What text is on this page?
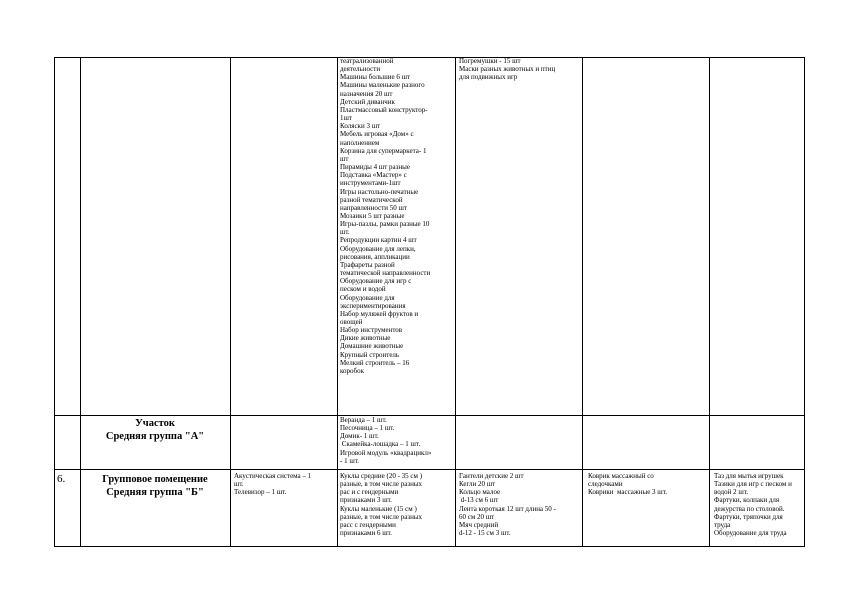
театрализованной
деятельности
Машины большие 6 шт
Машины маленькие разного
назначения 20 шт
Детский диванчик
Пластмассовый конструктор-
1шт
Коляски 3 шт
Мебель игровая «Дом» с
наполнением
Корзина для супермаркета- 1
шт
Пирамиды 4 шт разные
Подставка «Мастер» с
инструментами-1шт
Игры настольно-печатные
разной тематической
направленности 50 шт
Мозаики 5 шт разные
Игры-пазлы, рамки разные 10
шт.
Репродукции картин 4 шт
Оборудование для лепки,
рисования, аппликации
Трафареты разной
тематической направленности
Оборудование для игр с
песком и водой
Оборудование для
экспериментирования
Набор муляжей фруктов и
овощей
Набор инструментов
Дикие животные
Домашние животные
Крупный строитель
Мелкий строитель – 16
коробок
Погремушки - 15 шт
Маски разных животных и птиц
для подвижных игр
Участок
Средняя группа "А"
Веранда – 1 шт.
Песочница – 1 шт.
Домик- 1 шт.
Скамейка-лошадка – 1 шт.
Игровой модуль «квадрацикл»
- 1 шт.
6.	Групповое помещение
Средняя группа "Б"
Акустическая система – 1
шт.
Телевизор – 1 шт.
Куклы средние (20 - 35 см )
разные, в том числе разных
рас и с гендерными
признаками 3 шт.
Куклы маленькие (15 см )
разные, в том числе разных
расс с гендерными
признаками 6 шт.
Гантели детские 2 шт
Кегли 20 шт
Кольцо малое
d-13 см 6 шт
Лента короткая 12 шт длина 50 -
60 см 20 шт
Мяч средний
d-12 - 15 см 3 шт.
Коврик массажный со
следочками
Коврики  массажные 3 шт.
Таз для мытья игрушек
Тазики для игр с песком и
водой 2 шт.
Фартуки, колпаки для
дежурства по столовой.
Фартуки, тряпочки для
труда
Оборудование для труда
